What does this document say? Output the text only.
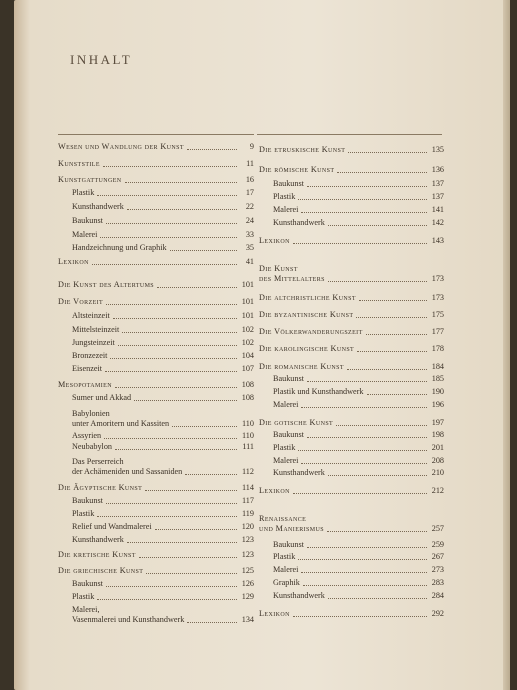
INHALT
Wesen und Wandlung der Kunst	9
Kunststile	11
Kunstgattungen	16
Plastik	17
Kunsthandwerk	22
Baukunst	24
Malerei	33
Handzeichnung und Graphik	35
Lexikon	41
Die Kunst des Altertums	101
Die Vorzeit	101
Altsteinzeit	101
Mittelsteinzeit	102
Jungsteinzeit	102
Bronzezeit	104
Eisenzeit	107
Mesopotamien	108
Sumer und Akkad	108
Babylonien
unter Amoritern und Kassiten	110
Assyrien	110
Neubabylon	111
Das Perserreich
der Achämeniden und Sassaniden	112
Die Ägyptische Kunst	114
Baukunst	117
Plastik	119
Relief und Wandmalerei	120
Kunsthandwerk	123
Die kretische Kunst	123
Die griechische Kunst	125
Baukunst	126
Plastik	129
Malerei,
Vasenmalerei und Kunsthandwerk	134
Die etruskische Kunst	135
Die römische Kunst	136
Baukunst	137
Plastik	137
Malerei	141
Kunsthandwerk	142
Lexikon	143
Die Kunst
des Mittelalters	173
Die altchristliche Kunst	173
Die byzantinische Kunst	175
Die Völkerwanderungszeit	177
Die karolingische Kunst	178
Die romanische Kunst	184
Baukunst	185
Plastik und Kunsthandwerk	190
Malerei	196
Die gotische Kunst	197
Baukunst	198
Plastik	201
Malerei	208
Kunsthandwerk	210
Lexikon	212
Renaissance
und Manierismus	257
Baukunst	259
Plastik	267
Malerei	273
Graphik	283
Kunsthandwerk	284
Lexikon	292
